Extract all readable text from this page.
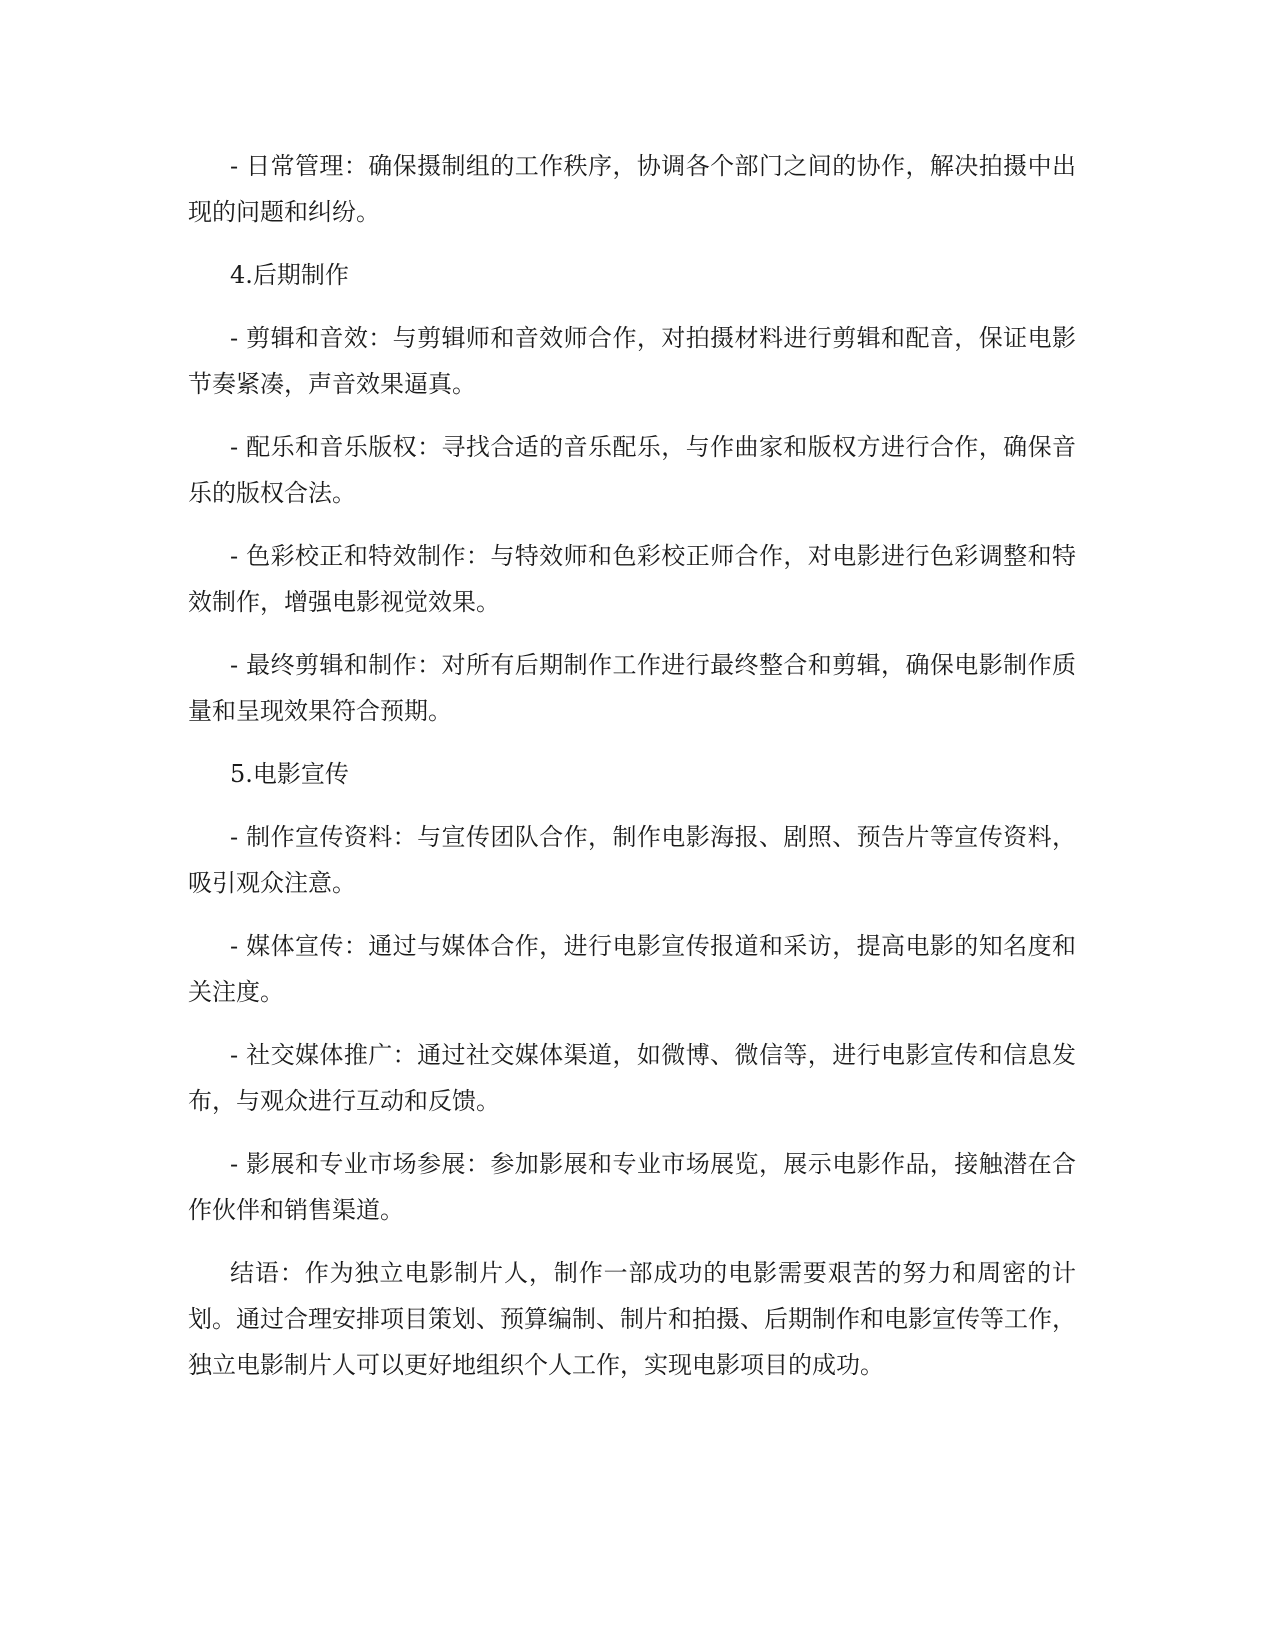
- 日常管理：确保摄制组的工作秩序，协调各个部门之间的协作，解决拍摄中出现的问题和纠纷。

4.后期制作

- 剪辑和音效：与剪辑师和音效师合作，对拍摄材料进行剪辑和配音，保证电影节奏紧凑，声音效果逼真。

- 配乐和音乐版权：寻找合适的音乐配乐，与作曲家和版权方进行合作，确保音乐的版权合法。

- 色彩校正和特效制作：与特效师和色彩校正师合作，对电影进行色彩调整和特效制作，增强电影视觉效果。

- 最终剪辑和制作：对所有后期制作工作进行最终整合和剪辑，确保电影制作质量和呈现效果符合预期。

5.电影宣传

- 制作宣传资料：与宣传团队合作，制作电影海报、剧照、预告片等宣传资料，吸引观众注意。

- 媒体宣传：通过与媒体合作，进行电影宣传报道和采访，提高电影的知名度和关注度。

- 社交媒体推广：通过社交媒体渠道，如微博、微信等，进行电影宣传和信息发布，与观众进行互动和反馈。

- 影展和专业市场参展：参加影展和专业市场展览，展示电影作品，接触潜在合作伙伴和销售渠道。

结语：作为独立电影制片人，制作一部成功的电影需要艰苦的努力和周密的计划。通过合理安排项目策划、预算编制、制片和拍摄、后期制作和电影宣传等工作，独立电影制片人可以更好地组织个人工作，实现电影项目的成功。
